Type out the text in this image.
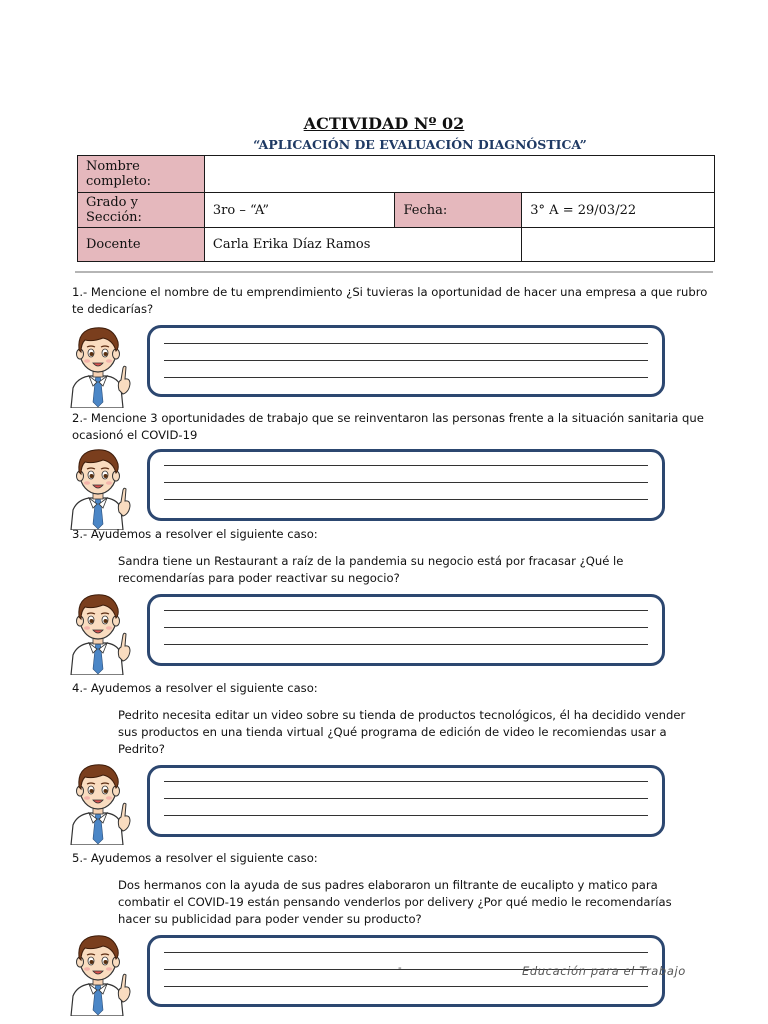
ACTIVIDAD Nº 02
“APLICACIÓN DE EVALUACIÓN DIAGNÓSTICA”
Nombre completo:			
Grado y Sección:	3ro – “A”	Fecha:	3° A = 29/03/22
Docente	Carla Erika Díaz Ramos		
1.- Mencione el nombre de tu emprendimiento ¿Si tuvieras la oportunidad de hacer una empresa a que rubro te dedicarías?
2.- Mencione 3 oportunidades de trabajo que se reinventaron las personas frente a la situación sanitaria que ocasionó el COVID-19
3.- Ayudemos a resolver el siguiente caso:
Sandra tiene un Restaurant a raíz de la pandemia su negocio está por fracasar ¿Qué le recomendarías para poder reactivar su negocio?
4.- Ayudemos a resolver el siguiente caso:
Pedrito necesita editar un video sobre su tienda de productos tecnológicos, él ha decidido vender sus productos en una tienda virtual ¿Qué programa de edición de video le recomiendas usar a Pedrito?
5.- Ayudemos a resolver el siguiente caso:
Dos hermanos con la ayuda de sus padres elaboraron un filtrante de eucalipto y matico para combatir el COVID-19 están pensando venderlos por delivery ¿Por qué medio le recomendarías hacer su publicidad para poder vender su producto?
-	Educación para el Trabajo
